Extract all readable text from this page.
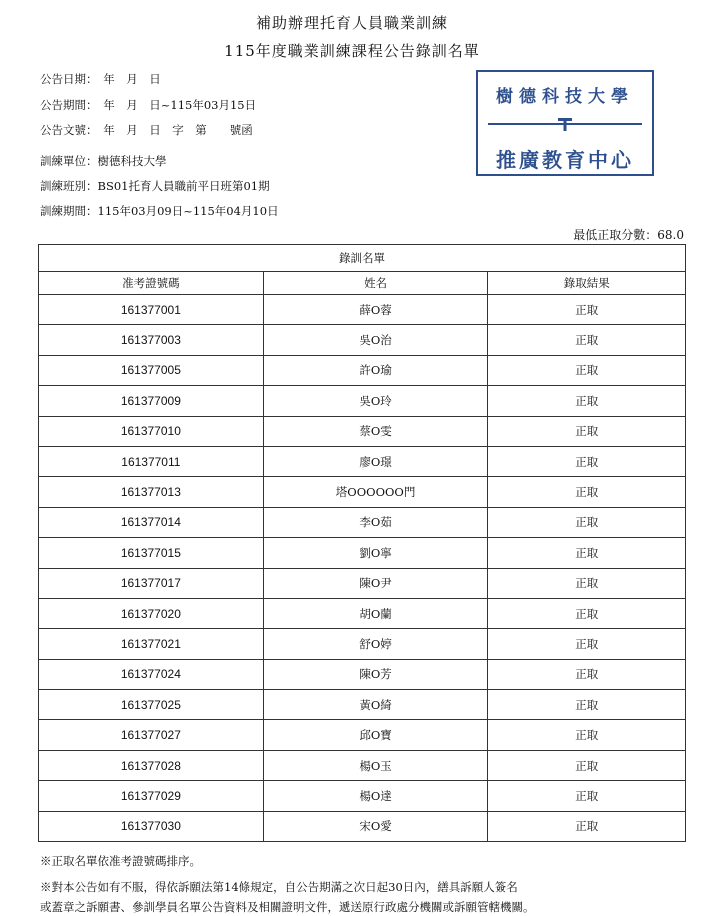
補助辦理托育人員職業訓練
115年度職業訓練課程公告錄訓名單
公告日期：　年　月　日
公告期間：　年　月　日~115年03月15日
公告文號：　年　月　日　字　第　　號函
訓練單位：樹德科技大學
訓練班別：BS01托育人員職前平日班第01期
訓練期間：115年03月09日~115年04月10日
樹德科技大學
推廣教育中心
最低正取分數：68.0
錄訓名單		
准考證號碼	姓名	錄取結果
161377001	薛O蓉	正取
161377003	吳O治	正取
161377005	許O瑜	正取
161377009	吳O玲	正取
161377010	蔡O雯	正取
161377011	廖O璟	正取
161377013	塔OOOOOO門	正取
161377014	李O茹	正取
161377015	劉O寧	正取
161377017	陳O尹	正取
161377020	胡O蘭	正取
161377021	舒O婷	正取
161377024	陳O芳	正取
161377025	黃O綺	正取
161377027	邱O寶	正取
161377028	楊O玉	正取
161377029	楊O達	正取
161377030	宋O愛	正取
※正取名單依准考證號碼排序。
※對本公告如有不服，得依訴願法第14條規定，自公告期滿之次日起30日內，繕具訴願人簽名
或蓋章之訴願書、參訓學員名單公告資料及相關證明文件，遞送原行政處分機關或訴願管轄機關。
